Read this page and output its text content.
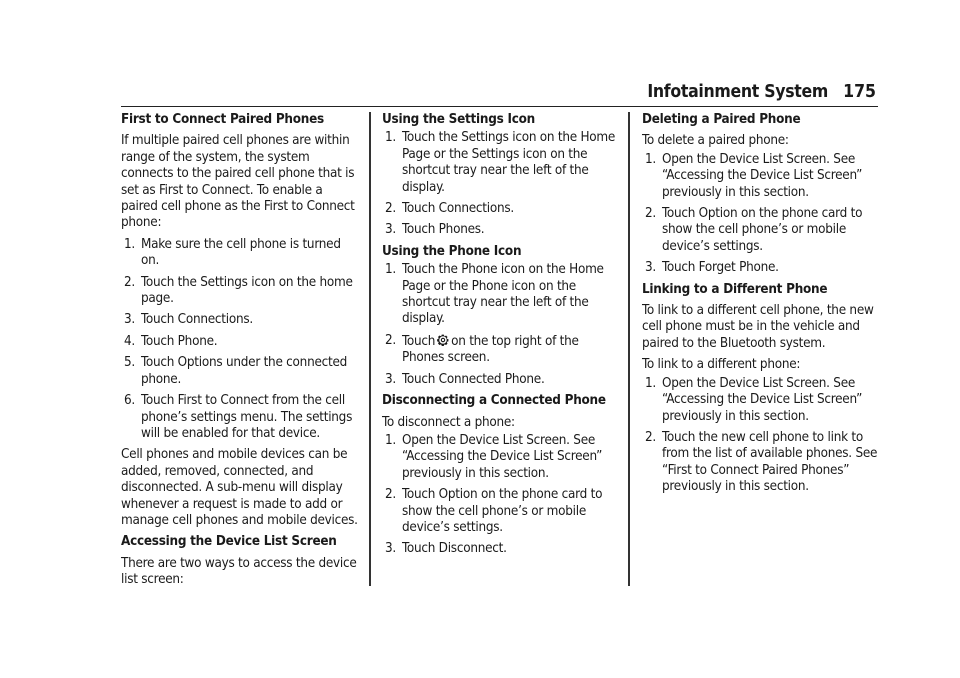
Infotainment System 175

First to Connect Paired Phones

If multiple paired cell phones are within range of the system, the system connects to the paired cell phone that is set as First to Connect. To enable a paired cell phone as the First to Connect phone:

1. Make sure the cell phone is turned on.
2. Touch the Settings icon on the home page.
3. Touch Connections.
4. Touch Phone.
5. Touch Options under the connected phone.
6. Touch First to Connect from the cell phone’s settings menu. The settings will be enabled for that device.

Cell phones and mobile devices can be added, removed, connected, and disconnected. A sub-menu will display whenever a request is made to add or manage cell phones and mobile devices.

Accessing the Device List Screen

There are two ways to access the device list screen:

Using the Settings Icon

1. Touch the Settings icon on the Home Page or the Settings icon on the shortcut tray near the left of the display.
2. Touch Connections.
3. Touch Phones.

Using the Phone Icon

1. Touch the Phone icon on the Home Page or the Phone icon on the shortcut tray near the left of the display.
2. Touch on the top right of the Phones screen.
3. Touch Connected Phone.

Disconnecting a Connected Phone

To disconnect a phone:

1. Open the Device List Screen. See “Accessing the Device List Screen” previously in this section.
2. Touch Option on the phone card to show the cell phone’s or mobile device’s settings.
3. Touch Disconnect.

Deleting a Paired Phone

To delete a paired phone:

1. Open the Device List Screen. See “Accessing the Device List Screen” previously in this section.
2. Touch Option on the phone card to show the cell phone’s or mobile device’s settings.
3. Touch Forget Phone.

Linking to a Different Phone

To link to a different cell phone, the new cell phone must be in the vehicle and paired to the Bluetooth system.

To link to a different phone:

1. Open the Device List Screen. See “Accessing the Device List Screen” previously in this section.
2. Touch the new cell phone to link to from the list of available phones. See “First to Connect Paired Phones” previously in this section.
